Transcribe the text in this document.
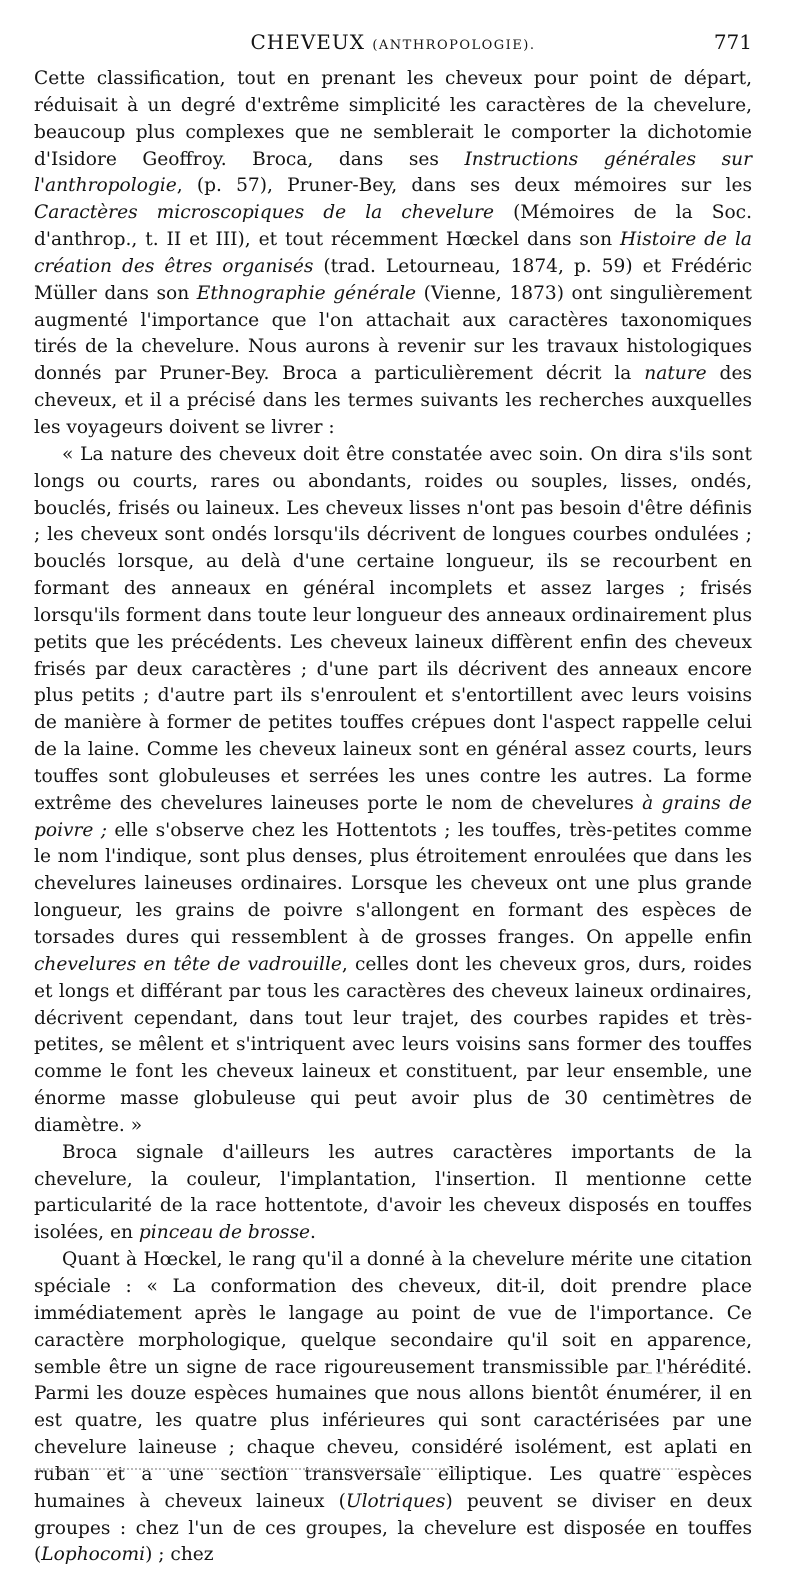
CHEVEUX (ANTHROPOLOGIE).	771

Cette classification, tout en prenant les cheveux pour point de départ, réduisait à un degré d'extrême simplicité les caractères de la chevelure, beaucoup plus complexes que ne semblerait le comporter la dichotomie d'Isidore Geoffroy. Broca, dans ses Instructions générales sur l'anthropologie, (p. 57), Pruner-Bey, dans ses deux mémoires sur les Caractères microscopiques de la chevelure (Mémoires de la Soc. d'anthrop., t. II et III), et tout récemment Hœckel dans son Histoire de la création des êtres organisés (trad. Letourneau, 1874, p. 59) et Frédéric Müller dans son Ethnographie générale (Vienne, 1873) ont singulièrement augmenté l'importance que l'on attachait aux caractères taxonomiques tirés de la chevelure. Nous aurons à revenir sur les travaux histologiques donnés par Pruner-Bey. Broca a particulièrement décrit la nature des cheveux, et il a précisé dans les termes suivants les recherches auxquelles les voyageurs doivent se livrer :

« La nature des cheveux doit être constatée avec soin. On dira s'ils sont longs ou courts, rares ou abondants, roides ou souples, lisses, ondés, bouclés, frisés ou laineux. Les cheveux lisses n'ont pas besoin d'être définis ; les cheveux sont ondés lorsqu'ils décrivent de longues courbes ondulées ; bouclés lorsque, au delà d'une certaine longueur, ils se recourbent en formant des anneaux en général incomplets et assez larges ; frisés lorsqu'ils forment dans toute leur longueur des anneaux ordinairement plus petits que les précédents. Les cheveux laineux diffèrent enfin des cheveux frisés par deux caractères ; d'une part ils décrivent des anneaux encore plus petits ; d'autre part ils s'enroulent et s'entortillent avec leurs voisins de manière à former de petites touffes crépues dont l'aspect rappelle celui de la laine. Comme les cheveux laineux sont en général assez courts, leurs touffes sont globuleuses et serrées les unes contre les autres. La forme extrême des chevelures laineuses porte le nom de chevelures à grains de poivre ; elle s'observe chez les Hottentots ; les touffes, très-petites comme le nom l'indique, sont plus denses, plus étroitement enroulées que dans les chevelures laineuses ordinaires. Lorsque les cheveux ont une plus grande longueur, les grains de poivre s'allongent en formant des espèces de torsades dures qui ressemblent à de grosses franges. On appelle enfin chevelures en tête de vadrouille, celles dont les cheveux gros, durs, roides et longs et différant par tous les caractères des cheveux laineux ordinaires, décrivent cependant, dans tout leur trajet, des courbes rapides et très-petites, se mêlent et s'intriquent avec leurs voisins sans former des touffes comme le font les cheveux laineux et constituent, par leur ensemble, une énorme masse globuleuse qui peut avoir plus de 30 centimètres de diamètre. »

Broca signale d'ailleurs les autres caractères importants de la chevelure, la couleur, l'implantation, l'insertion. Il mentionne cette particularité de la race hottentote, d'avoir les cheveux disposés en touffes isolées, en pinceau de brosse.

Quant à Hœckel, le rang qu'il a donné à la chevelure mérite une citation spéciale : « La conformation des cheveux, dit-il, doit prendre place immédiatement après le langage au point de vue de l'importance. Ce caractère morphologique, quelque secondaire qu'il soit en apparence, semble être un signe de race rigoureusement transmissible par l'hérédité. Parmi les douze espèces humaines que nous allons bientôt énumérer, il en est quatre, les quatre plus inférieures qui sont caractérisées par une chevelure laineuse ; chaque cheveu, considéré isolément, est aplati en ruban et a une section transversale elliptique. Les quatre espèces humaines à cheveux laineux (Ulotriques) peuvent se diviser en deux groupes : chez l'un de ces groupes, la chevelure est disposée en touffes (Lophocomi) ; chez
